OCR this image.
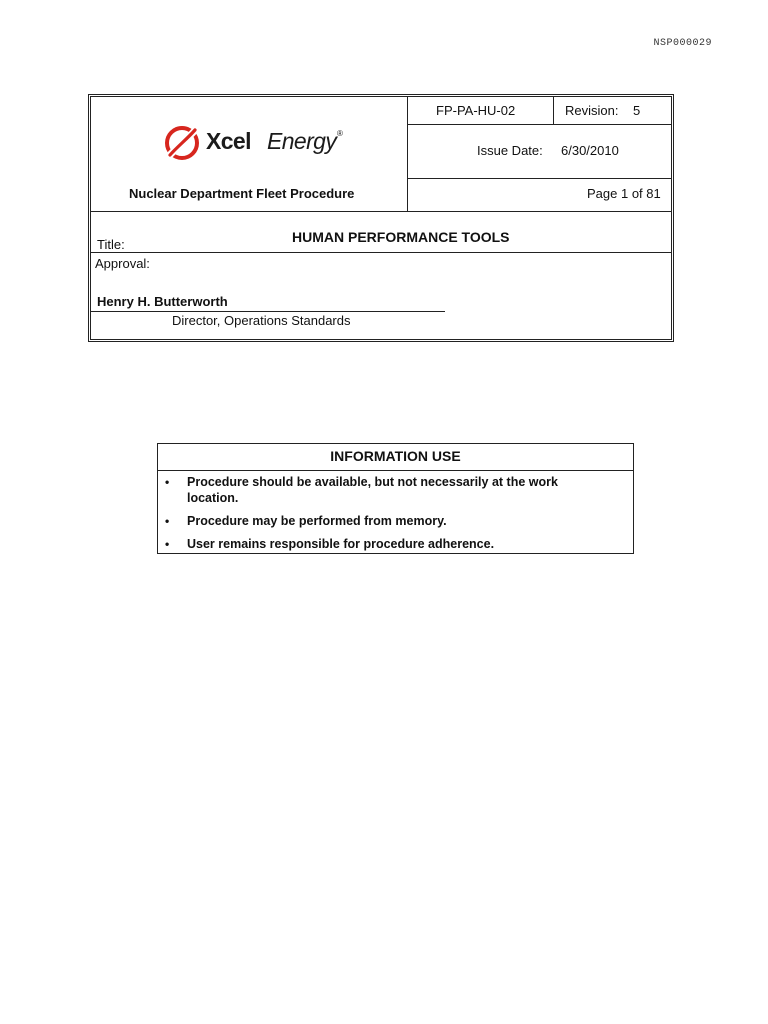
NSP000029
Xcel Energy ®
Nuclear Department Fleet Procedure
FP-PA-HU-02	Revision: 5
Issue Date: 6/30/2010
Page 1 of 81
Title:	HUMAN PERFORMANCE TOOLS
Approval:
Henry H. Butterworth
Director, Operations Standards
INFORMATION USE
• Procedure should be available, but not necessarily at the work location.
• Procedure may be performed from memory.
• User remains responsible for procedure adherence.
